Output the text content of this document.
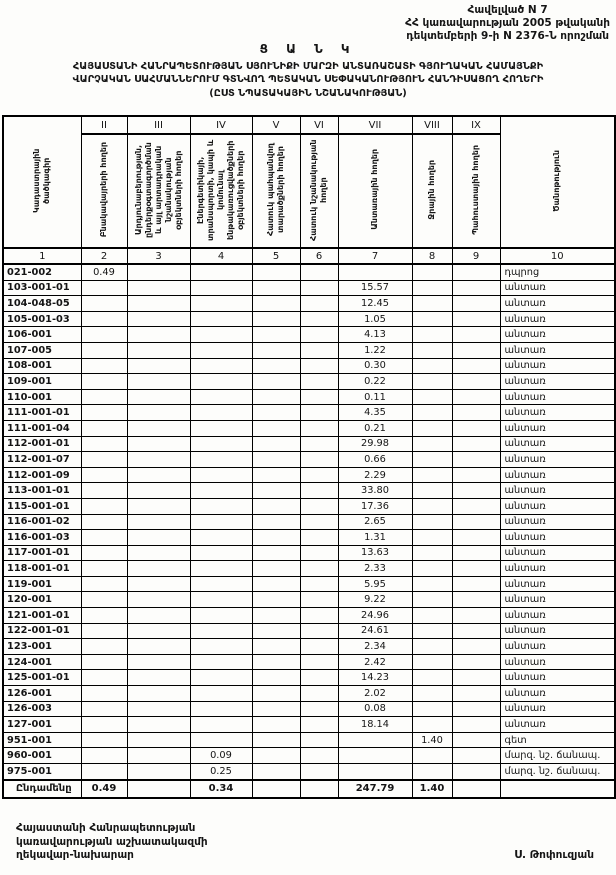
Հավելված N 7
ՀՀ կառավարության 2005 թվականի
դեկտեմբերի 9-ի N 2376-Ն որոշման
Ց Ա Ն Կ
ՀԱՅԱՍՏԱՆԻ ՀԱՆՐԱՊԵՏՈՒԹՅԱՆ ՍՅՈՒՆԻՔԻ ՄԱՐԶԻ ԱՆՏԱՌԱՇԱՏԻ ԳՅՈՒՂԱԿԱՆ ՀԱՄԱՅՆՔԻ
ՎԱՐՉԱԿԱՆ ՍԱՀՄԱՆՆԵՐՈՒՄ ԳՏՆՎՈՂ ՊԵՏԱԿԱՆ ՍԵՓԱԿԱՆՈՒԹՅՈՒՆ ՀԱՆԴԻՍԱՑՈՂ ՀՈՂԵՐԻ
(ԸՍՏ ՆՊԱՏԱԿԱՅԻՆ ՆՇԱՆԱԿՈՒԹՅԱՆ)
Կադաստրային ծածկագիր	II	III	IV	V	VI	VII	VIII	IX	Ծանոթություն
	Բնակավայրերի հողեր	Արդյունաբերության, ընդերքօգտագործման և այլ արտադրական նշանակության օբյեկտների հողեր	Էներգետիկայի, տրանսպորտի, կապի և կոմունալ ենթակառուցվածքների օբյեկտների հողեր	Հատուկ պահպանվող տարածքների հողեր	Հատուկ նշանակության հողեր	Անտառային հողեր	Ջրային հողեր	Պահուստային հողեր	
1	2	3	4	5	6	7	8	9	10
021-002	0.49								դպրոց
103-001-01						15.57			անտառ
104-048-05						12.45			անտառ
105-001-03						1.05			անտառ
106-001						4.13			անտառ
107-005						1.22			անտառ
108-001						0.30			անտառ
109-001						0.22			անտառ
110-001						0.11			անտառ
111-001-01						4.35			անտառ
111-001-04						0.21			անտառ
112-001-01						29.98			անտառ
112-001-07						0.66			անտառ
112-001-09						2.29			անտառ
113-001-01						33.80			անտառ
115-001-01						17.36			անտառ
116-001-02						2.65			անտառ
116-001-03						1.31			անտառ
117-001-01						13.63			անտառ
118-001-01						2.33			անտառ
119-001						5.95			անտառ
120-001						9.22			անտառ
121-001-01						24.96			անտառ
122-001-01						24.61			անտառ
123-001						2.34			անտառ
124-001						2.42			անտառ
125-001-01						14.23			անտառ
126-001						2.02			անտառ
126-003						0.08			անտառ
127-001						18.14			անտառ
951-001							1.40		գետ
960-001			0.09						մարզ. նշ. ճանապ.
975-001			0.25						մարզ. նշ. ճանապ.
Ընդամենը	0.49		0.34			247.79	1.40		
Հայաստանի Հանրապետության
կառավարության աշխատակազմի
ղեկավար-նախարար	Ս. Թոփուզյան
